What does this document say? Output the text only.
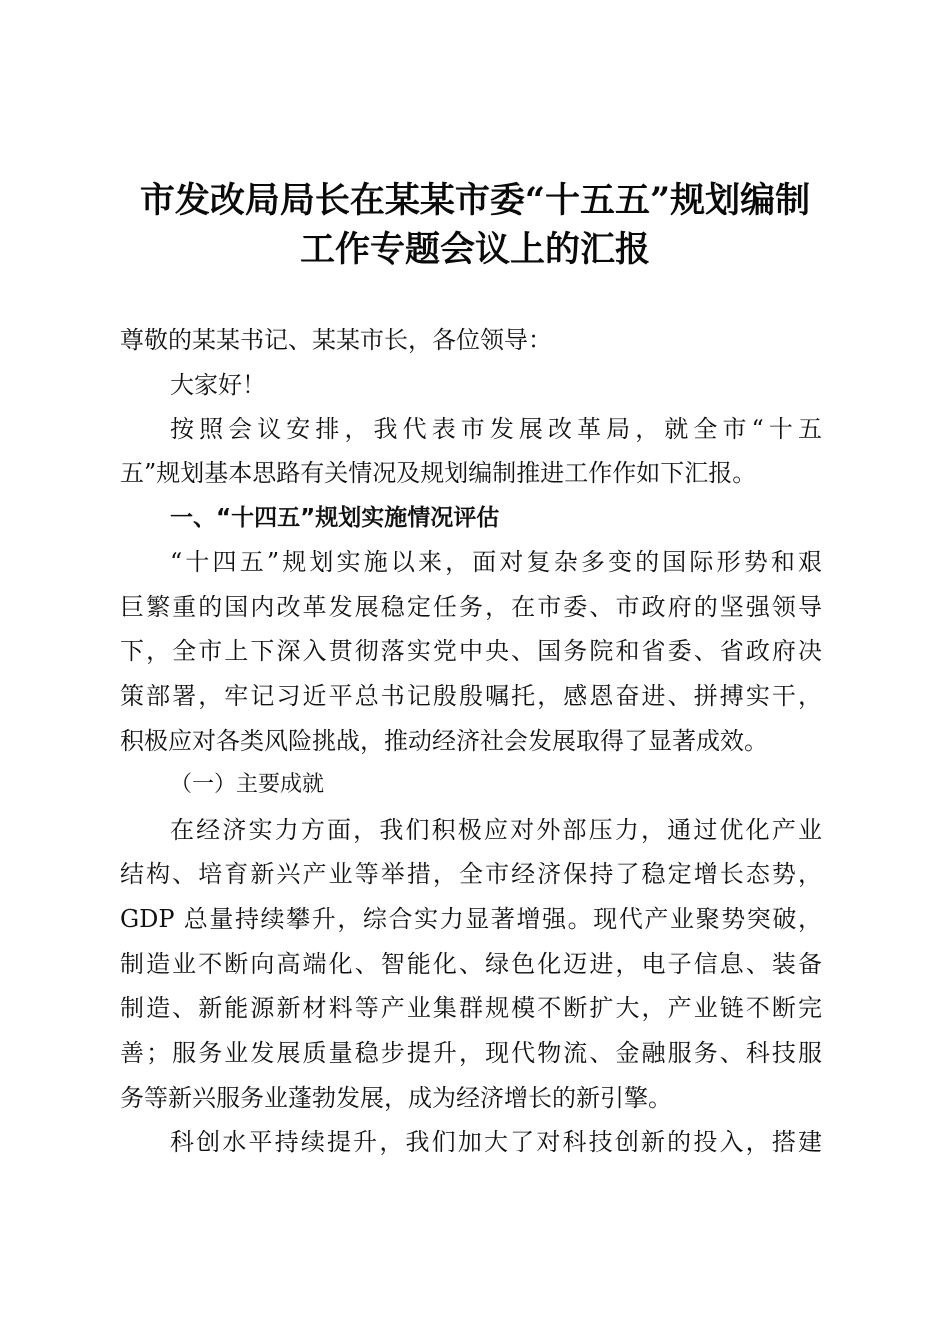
市发改局局长在某某市委“十五五”规划编制
工作专题会议上的汇报
尊敬的某某书记、某某市长，各位领导：
大家好！
按照会议安排，我代表市发展改革局，就全市“十五
五”规划基本思路有关情况及规划编制推进工作作如下汇报。
一、“十四五”规划实施情况评估
“十四五”规划实施以来，面对复杂多变的国际形势和艰
巨繁重的国内改革发展稳定任务，在市委、市政府的坚强领导
下，全市上下深入贯彻落实党中央、国务院和省委、省政府决
策部署，牢记习近平总书记殷殷嘱托，感恩奋进、拼搏实干，
积极应对各类风险挑战，推动经济社会发展取得了显著成效。
（一）主要成就
在经济实力方面，我们积极应对外部压力，通过优化产业
结构、培育新兴产业等举措，全市经济保持了稳定增长态势，
GDP 总量持续攀升，综合实力显著增强。现代产业聚势突破，
制造业不断向高端化、智能化、绿色化迈进，电子信息、装备
制造、新能源新材料等产业集群规模不断扩大，产业链不断完
善；服务业发展质量稳步提升，现代物流、金融服务、科技服
务等新兴服务业蓬勃发展，成为经济增长的新引擎。
科创水平持续提升，我们加大了对科技创新的投入，搭建
